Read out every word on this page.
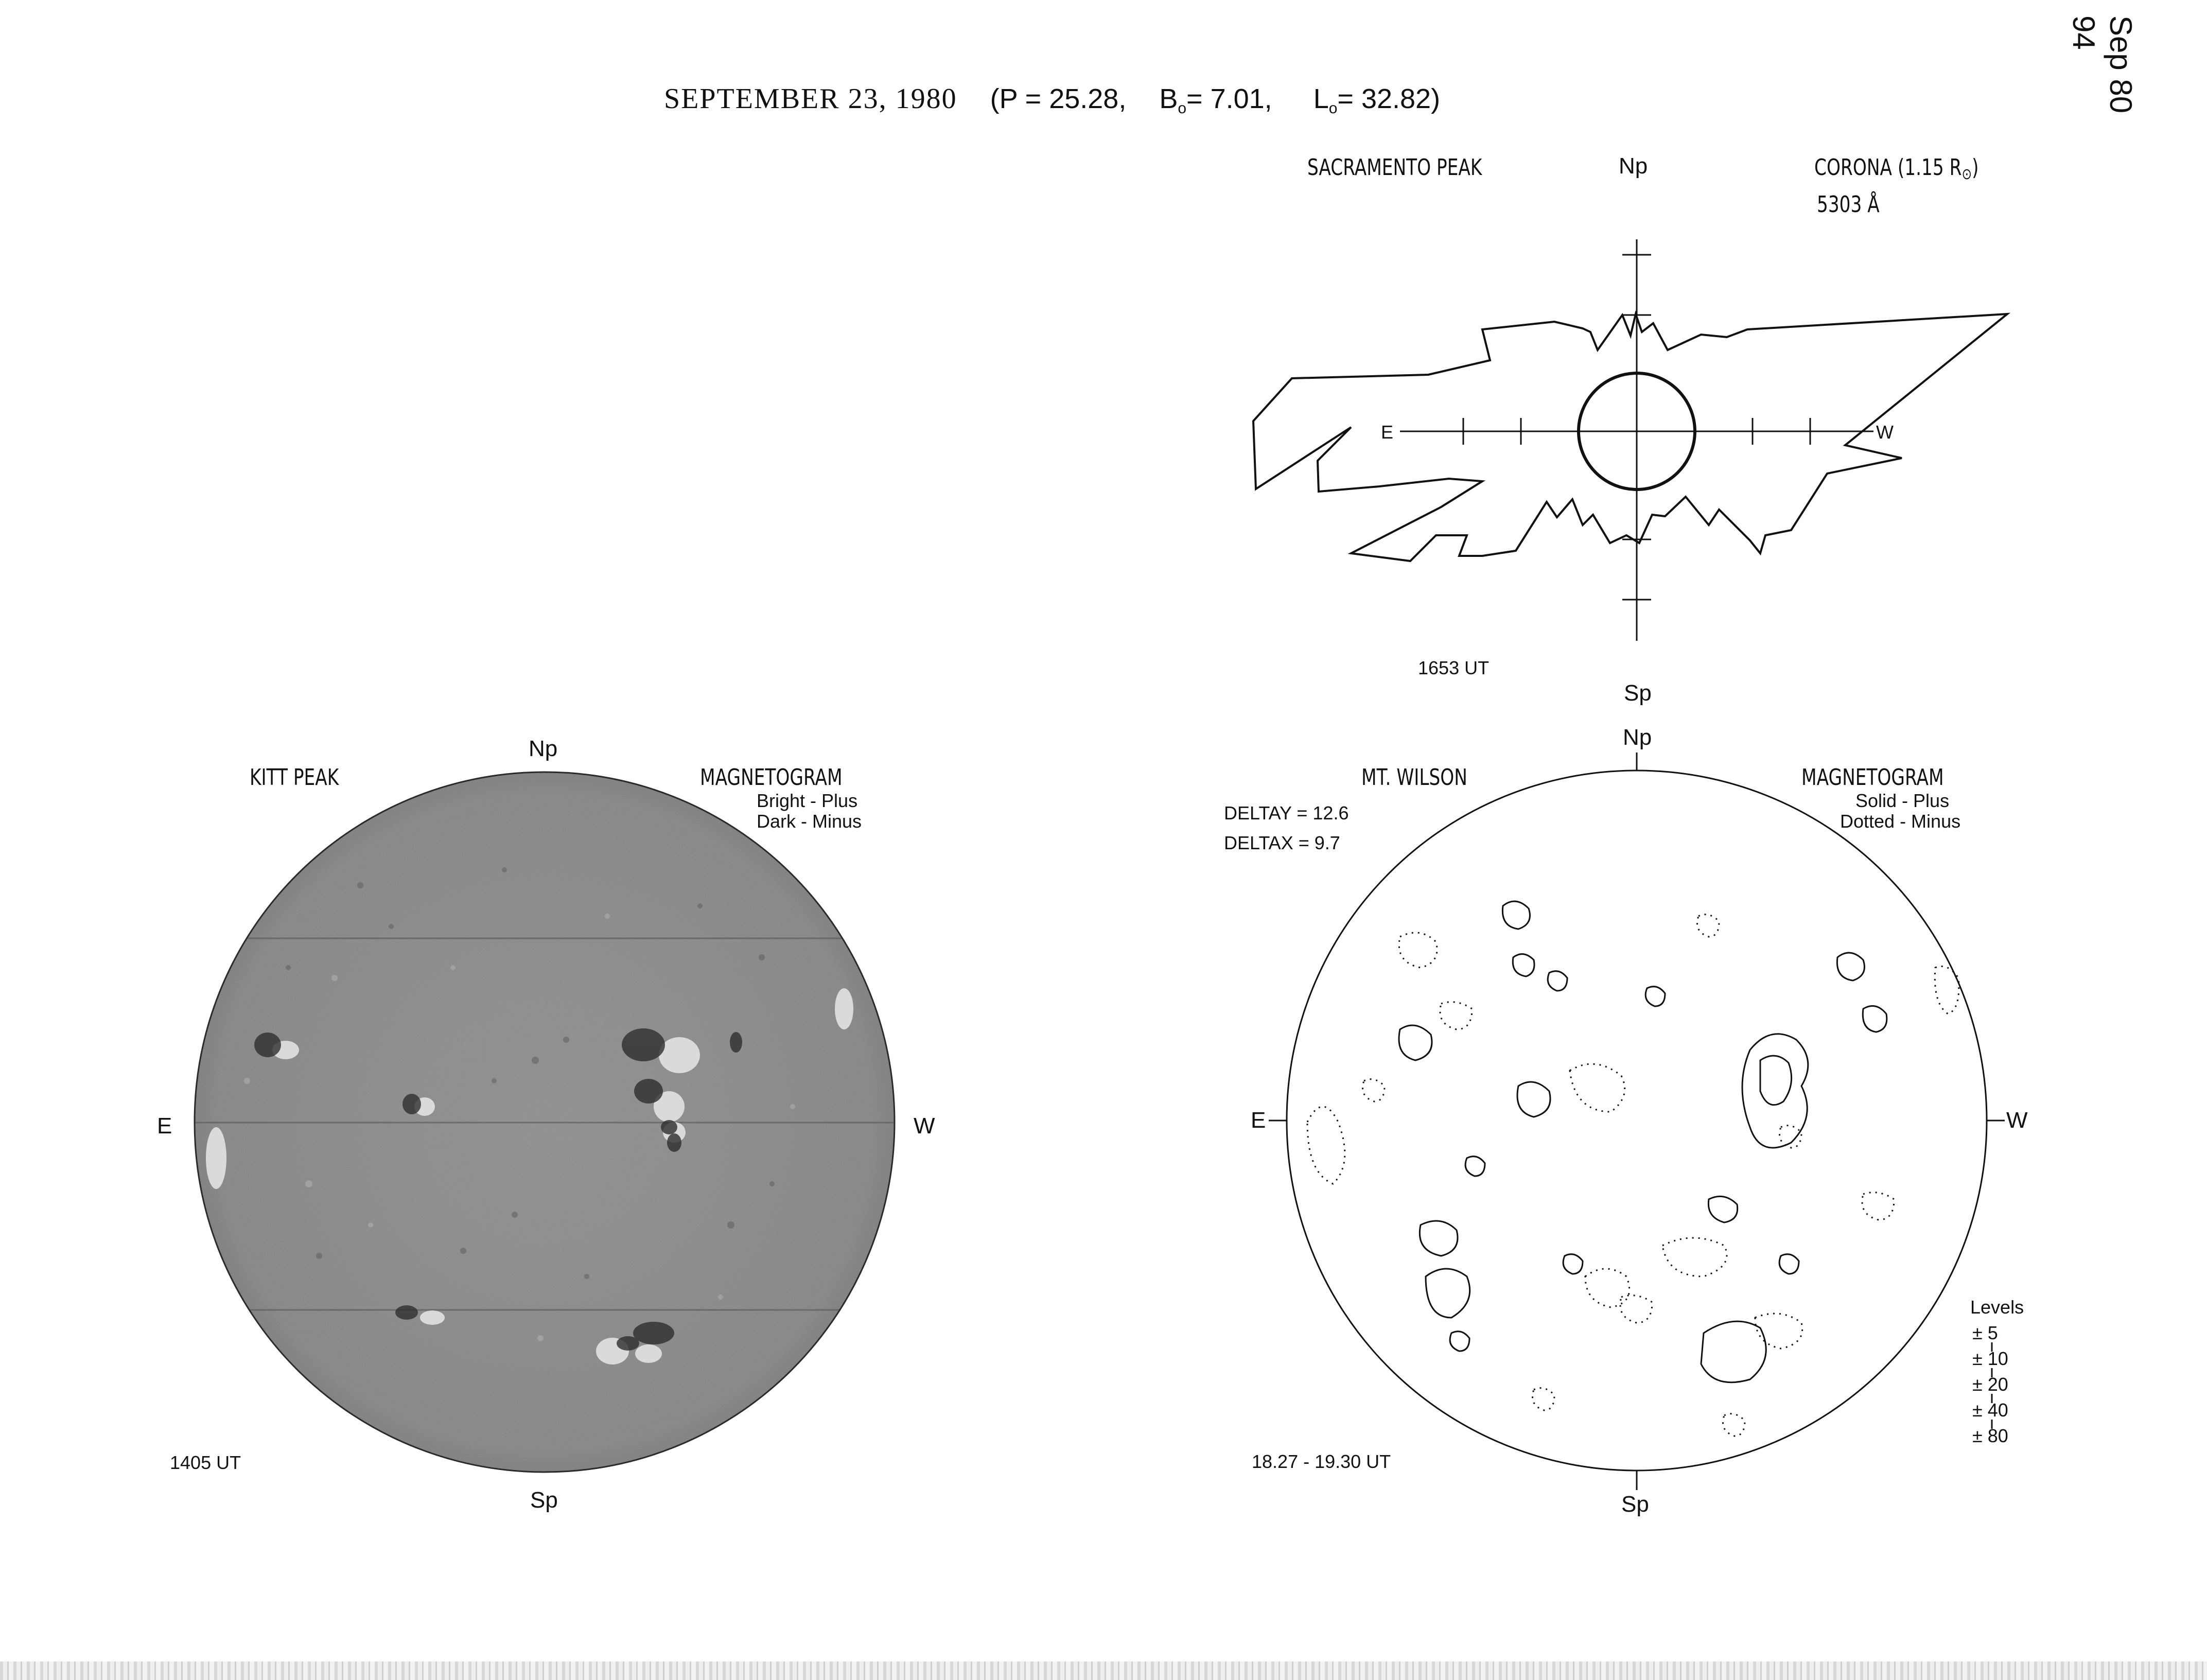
SEPTEMBER 23, 1980 (P = 25.28, $B_o= 7.01$, $L_o= 32.82$)
94 Sep 80
SACRAMENTO PEAK	Np	CORONA (1.15 R⊙)
5303 Å
E	W
1653 UT
Sp
KITT PEAK
Np
MAGNETOGRAM
Bright - Plus
Dark - Minus
E	W
1405 UT
Sp
Np
MT. WILSON	MAGNETOGRAM
Solid - Plus
Dotted - Minus
DELTAY = 12.6
DELTAX = 9.7
E	W
18.27 - 19.30 UT
Sp
Levels
± 5
± 10
± 20
± 40
± 80
